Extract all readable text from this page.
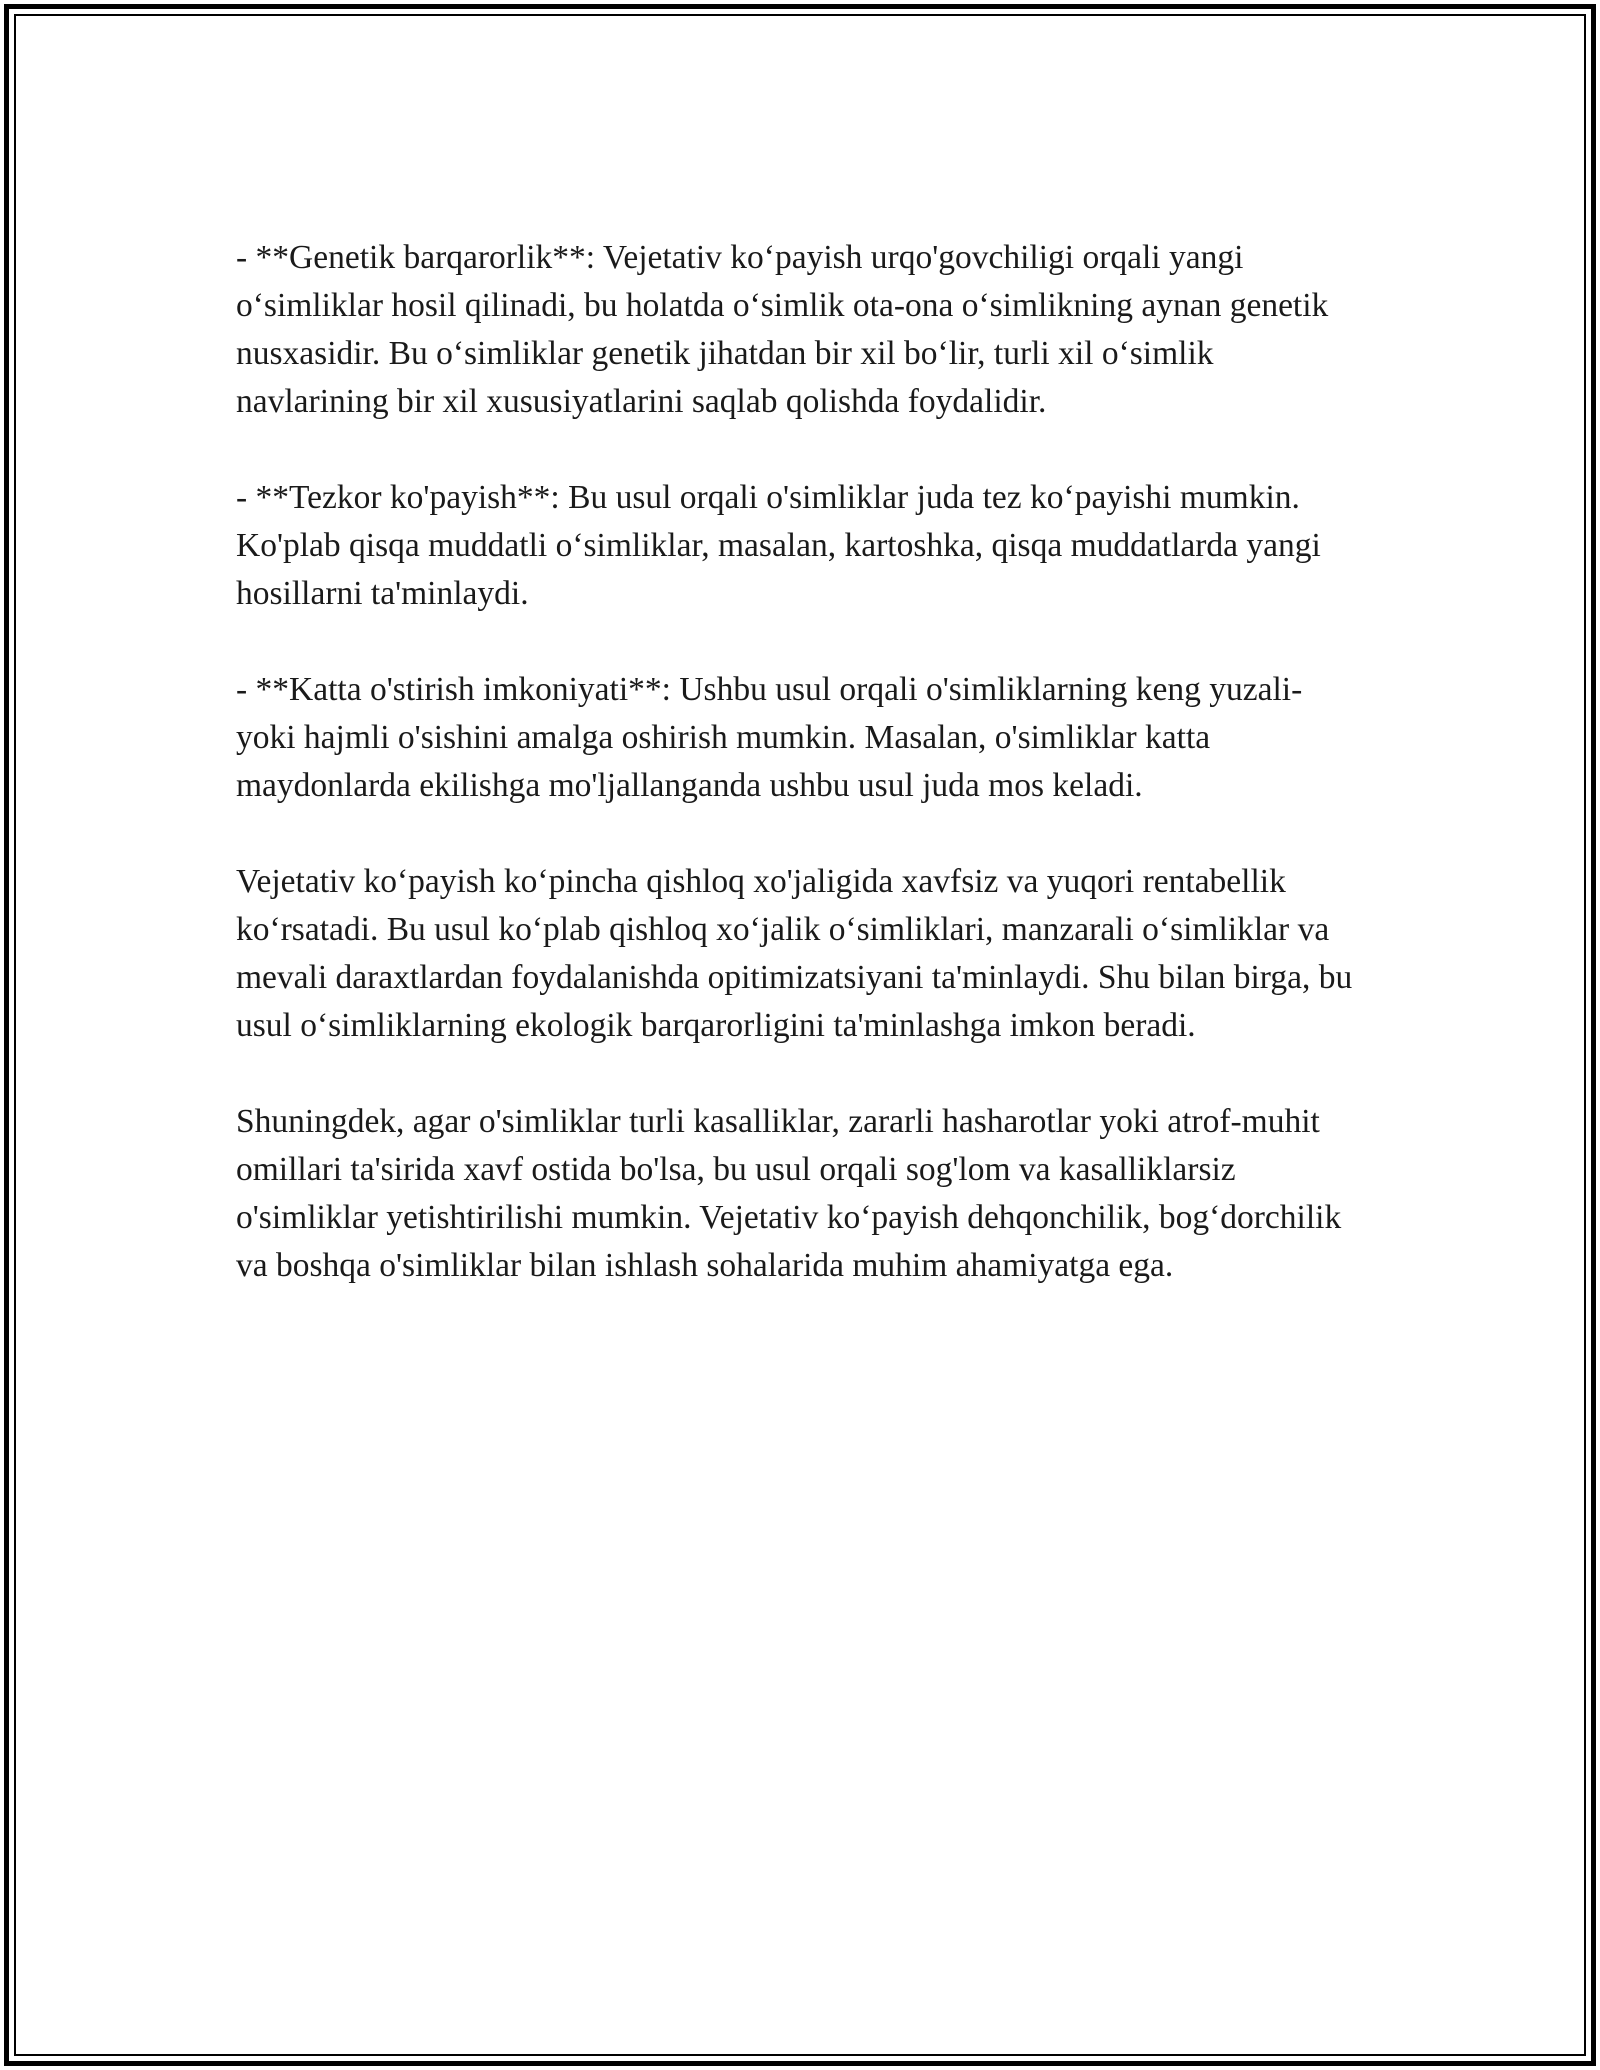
- **Genetik barqarorlik**: Vejetativ ko‘payish urqo'govchiligi orqali yangi o‘simliklar hosil qilinadi, bu holatda o‘simlik ota-ona o‘simlikning aynan genetik nusxasidir. Bu o‘simliklar genetik jihatdan bir xil bo‘lir, turli xil o‘simlik navlarining bir xil xususiyatlarini saqlab qolishda foydalidir.

- **Tezkor ko'payish**: Bu usul orqali o'simliklar juda tez ko‘payishi mumkin. Ko'plab qisqa muddatli o‘simliklar, masalan, kartoshka, qisqa muddatlarda yangi hosillarni ta'minlaydi.

- **Katta o'stirish imkoniyati**: Ushbu usul orqali o'simliklarning keng yuzali- yoki hajmli o'sishini amalga oshirish mumkin. Masalan, o'simliklar katta maydonlarda ekilishga mo'ljallanganda ushbu usul juda mos keladi.

Vejetativ ko‘payish ko‘pincha qishloq xo'jaligida xavfsiz va yuqori rentabellik ko‘rsatadi. Bu usul ko‘plab qishloq xo‘jalik o‘simliklari, manzarali o‘simliklar va mevali daraxtlardan foydalanishda opitimizatsiyani ta'minlaydi. Shu bilan birga, bu usul o‘simliklarning ekologik barqarorligini ta'minlashga imkon beradi.

Shuningdek, agar o'simliklar turli kasalliklar, zararli hasharotlar yoki atrof-muhit omillari ta'sirida xavf ostida bo'lsa, bu usul orqali sog'lom va kasalliklarsiz o'simliklar yetishtirilishi mumkin. Vejetativ ko‘payish dehqonchilik, bog‘dorchilik va boshqa o'simliklar bilan ishlash sohalarida muhim ahamiyatga ega.
